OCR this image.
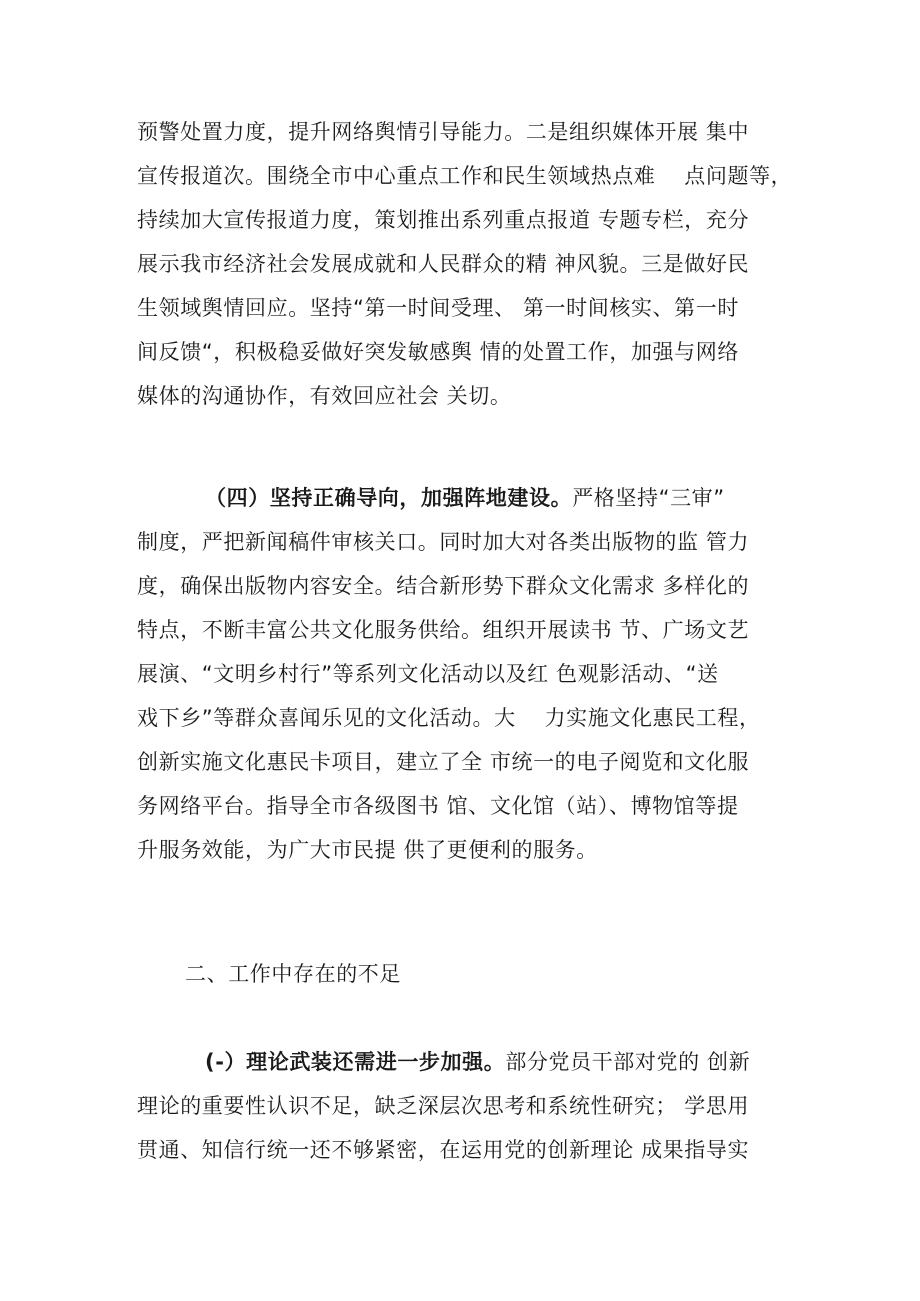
预警处置力度，提升网络舆情引导能力。二是组织媒体开展 集中
宣传报道次。围绕全市中心重点工作和民生领域热点难　 点问题等，
持续加大宣传报道力度，策划推出系列重点报道 专题专栏，充分
展示我市经济社会发展成就和人民群众的精 神风貌。三是做好民
生领域舆情回应。坚持“第一时间受理、 第一时间核实、第一时
间反馈“，积极稳妥做好突发敏感舆 情的处置工作，加强与网络
媒体的沟通协作，有效回应社会 关切。
（四）坚持正确导向，加强阵地建设。严格坚持“三审”
制度，严把新闻稿件审核关口。同时加大对各类出版物的监 管力
度，确保出版物内容安全。结合新形势下群众文化需求 多样化的
特点，不断丰富公共文化服务供给。组织开展读书 节、广场文艺
展演、“文明乡村行”等系列文化活动以及红 色观影活动、“送
戏下乡”等群众喜闻乐见的文化活动。大　 力实施文化惠民工程，
创新实施文化惠民卡项目，建立了全 市统一的电子阅览和文化服
务网络平台。指导全市各级图书 馆、文化馆（站）、博物馆等提
升服务效能，为广大市民提 供了更便利的服务。
二、工作中存在的不足
(-）理论武装还需进一步加强。部分党员干部对党的 创新
理论的重要性认识不足，缺乏深层次思考和系统性研究； 学思用
贯通、知信行统一还不够紧密，在运用党的创新理论 成果指导实
